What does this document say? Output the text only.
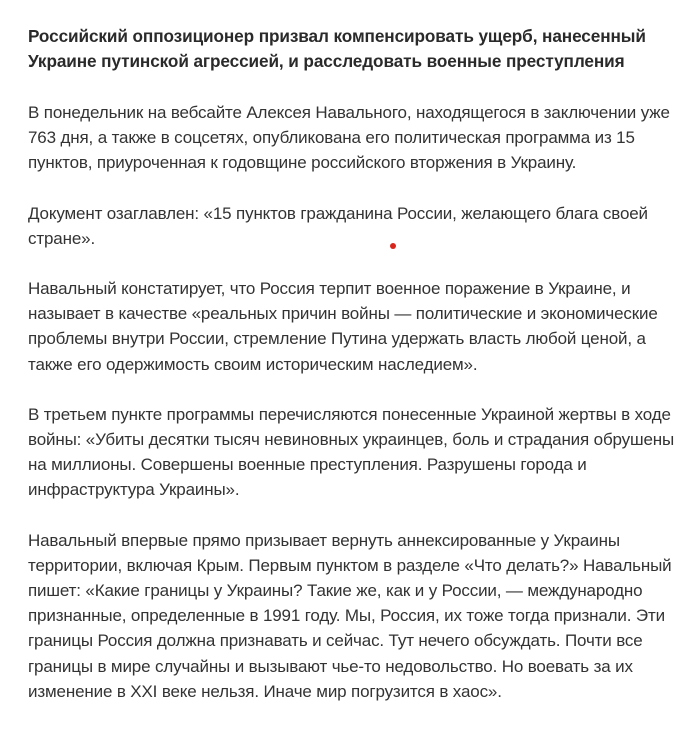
Российский оппозиционер призвал компенсировать ущерб, нанесенный Украине путинской агрессией, и расследовать военные преступления

В понедельник на вебсайте Алексея Навального, находящегося в заключении уже 763 дня, а также в соцсетях, опубликована его политическая программа из 15 пунктов, приуроченная к годовщине российского вторжения в Украину.

Документ озаглавлен: «15 пунктов гражданина России, желающего блага своей стране».

Навальный констатирует, что Россия терпит военное поражение в Украине, и называет в качестве «реальных причин войны — политические и экономические проблемы внутри России, стремление Путина удержать власть любой ценой, а также его одержимость своим историческим наследием».

В третьем пункте программы перечисляются понесенные Украиной жертвы в ходе войны: «Убиты десятки тысяч невиновных украинцев, боль и страдания обрушены на миллионы. Совершены военные преступления. Разрушены города и инфраструктура Украины».

Навальный впервые прямо призывает вернуть аннексированные у Украины территории, включая Крым. Первым пунктом в разделе «Что делать?» Навальный пишет: «Какие границы у Украины? Такие же, как и у России, — международно признанные, определенные в 1991 году. Мы, Россия, их тоже тогда признали. Эти границы Россия должна признавать и сейчас. Тут нечего обсуждать. Почти все границы в мире случайны и вызывают чье-то недовольство. Но воевать за их изменение в XXI веке нельзя. Иначе мир погрузится в хаос».
